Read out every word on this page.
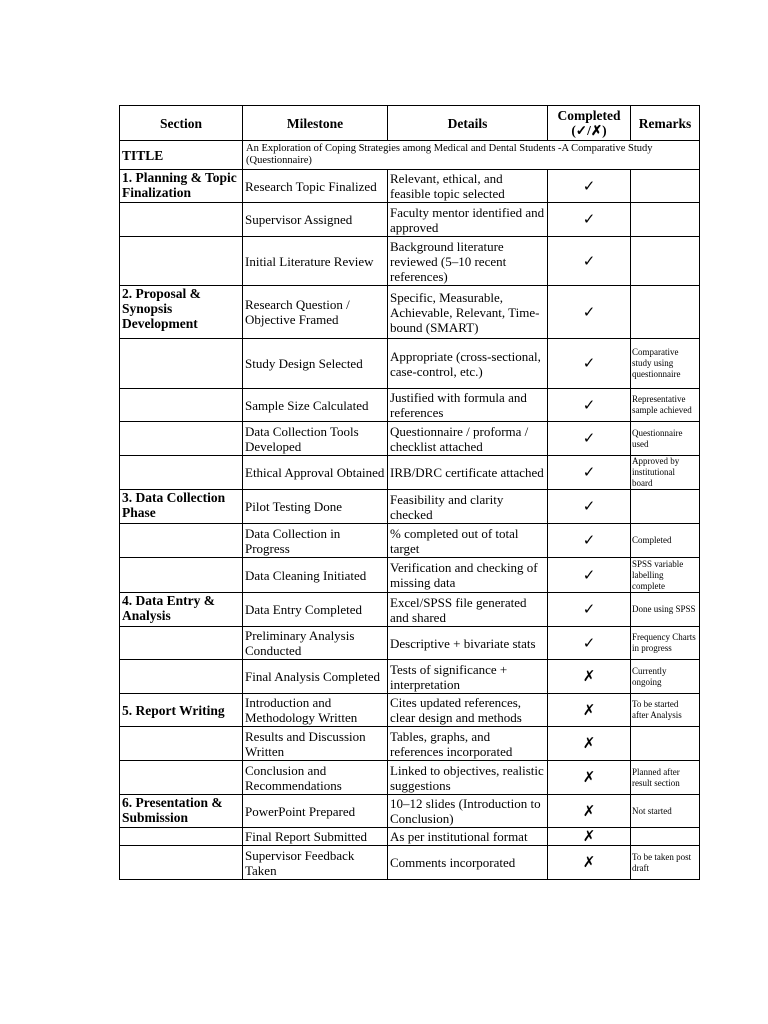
Section	Milestone	Details	Completed (✓/✗)	Remarks
TITLE	An Exploration of Coping Strategies among Medical and Dental Students -A Comparative Study (Questionnaire)			
1. Planning & Topic Finalization	Research Topic Finalized	Relevant, ethical, and feasible topic selected	✓	
	Supervisor Assigned	Faculty mentor identified and approved	✓	
	Initial Literature Review	Background literature reviewed (5–10 recent references)	✓	
2. Proposal & Synopsis Development	Research Question / Objective Framed	Specific, Measurable, Achievable, Relevant, Time-bound (SMART)	✓	
	Study Design Selected	Appropriate (cross-sectional, case-control, etc.)	✓	Comparative study using questionnaire
	Sample Size Calculated	Justified with formula and references	✓	Representative sample achieved
	Data Collection Tools Developed	Questionnaire / proforma / checklist attached	✓	Questionnaire used
	Ethical Approval Obtained	IRB/DRC certificate attached	✓	Approved by institutional board
3. Data Collection Phase	Pilot Testing Done	Feasibility and clarity checked	✓	
	Data Collection in Progress	% completed out of total target	✓	Completed
	Data Cleaning Initiated	Verification and checking of missing data	✓	SPSS variable labelling complete
4. Data Entry & Analysis	Data Entry Completed	Excel/SPSS file generated and shared	✓	Done using SPSS
	Preliminary Analysis Conducted	Descriptive + bivariate stats	✓	Frequency Charts in progress
	Final Analysis Completed	Tests of significance + interpretation	✗	Currently ongoing
5. Report Writing	Introduction and Methodology Written	Cites updated references, clear design and methods	✗	To be started after Analysis
	Results and Discussion Written	Tables, graphs, and references incorporated	✗	
	Conclusion and Recommendations	Linked to objectives, realistic suggestions	✗	Planned after result section
6. Presentation & Submission	PowerPoint Prepared	10–12 slides (Introduction to Conclusion)	✗	Not started
	Final Report Submitted	As per institutional format	✗	
	Supervisor Feedback Taken	Comments incorporated	✗	To be taken post draft
